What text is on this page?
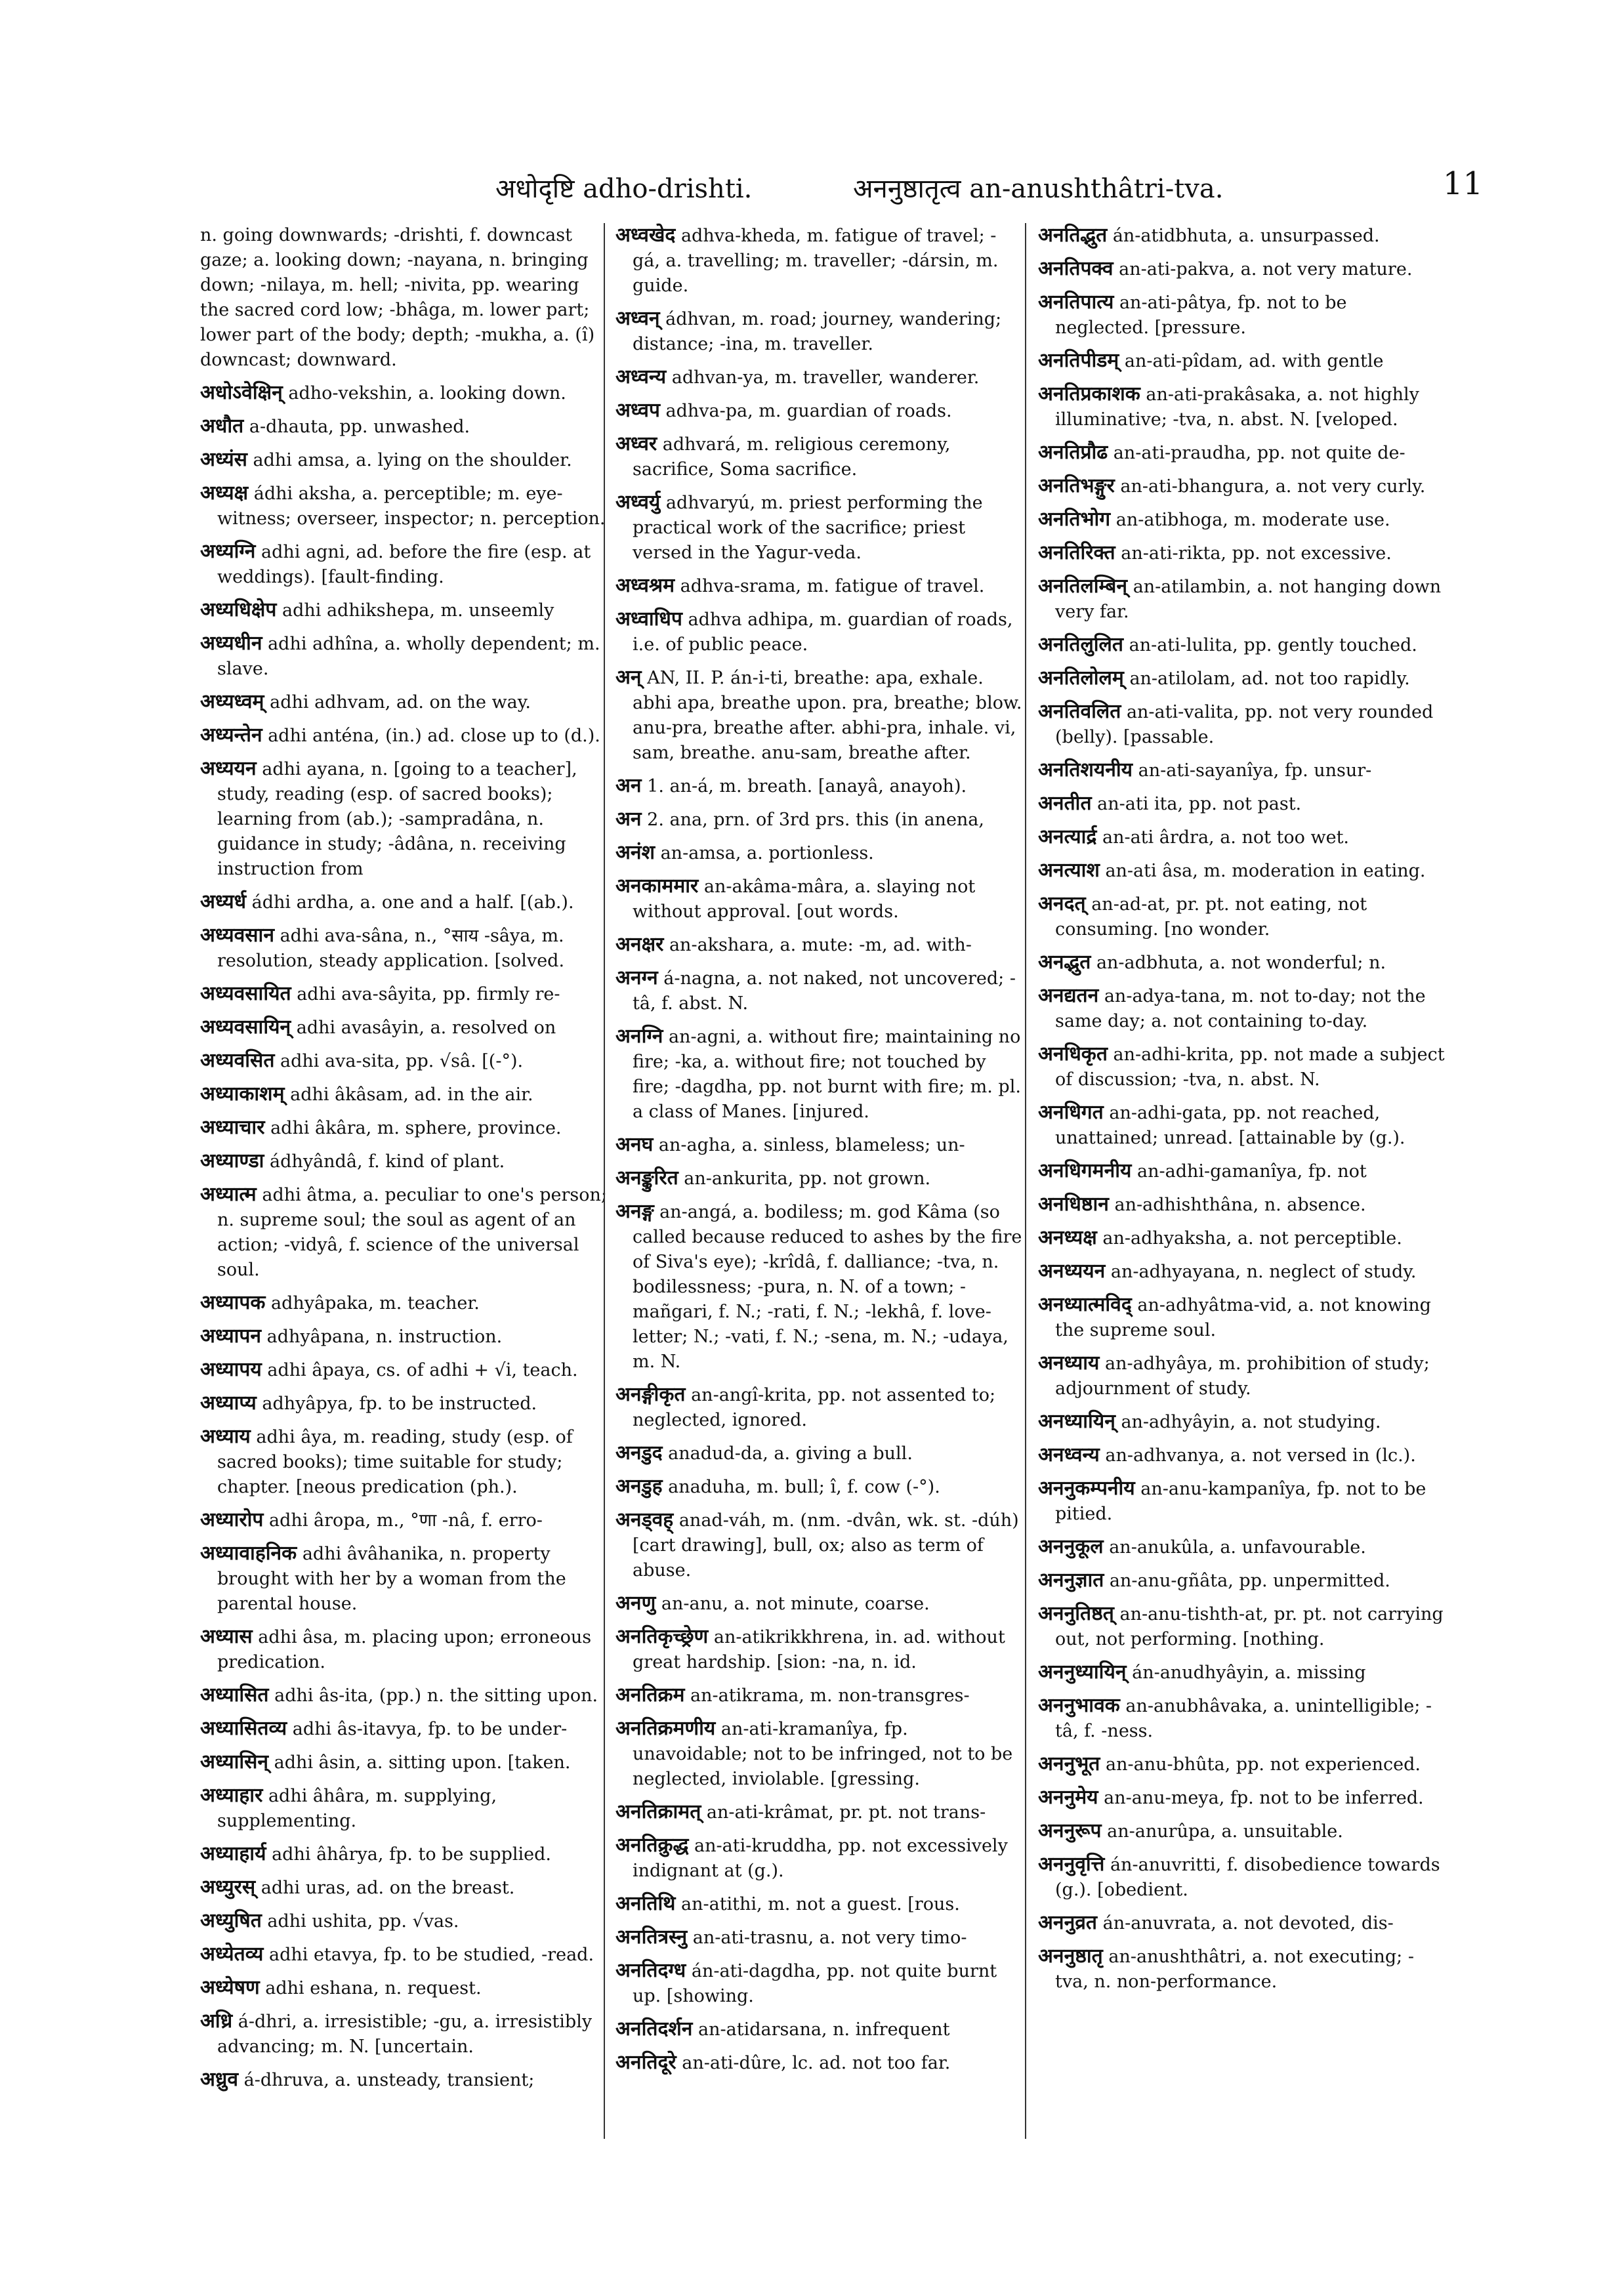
अधोदृष्टि adho-drishti.	अननुष्ठातृत्व an-anushthâtri-tva.	11

n. going downwards; -drishti, f. downcast gaze; a. looking down; -nayana, n. bringing down; -nilaya, m. hell; -nivita, pp. wearing the sacred cord low; -bhâga, m. lower part; lower part of the body; depth; -mukha, a. (î) downcast; downward.

अधोऽवेक्षिन् adho-vekshin, a. looking down.

अधौत a-dhauta, pp. unwashed.

अध्यंस adhi amsa, a. lying on the shoulder.

अध्यक्ष ádhi aksha, a. perceptible; m. eye-witness; overseer, inspector; n. perception.

अध्यग्नि adhi agni, ad. before the fire (esp. at weddings). [fault-finding.

अध्यधिक्षेप adhi adhikshepa, m. unseemly

अध्यधीन adhi adhîna, a. wholly dependent; m. slave.

अध्यध्वम् adhi adhvam, ad. on the way.

अध्यन्तेन adhi anténa, (in.) ad. close up to (d.).

अध्ययन adhi ayana, n. [going to a teacher], study, reading (esp. of sacred books); learning from (ab.); -sampradâna, n. guidance in study; -âdâna, n. receiving instruction from

अध्यर्ध ádhi ardha, a. one and a half. [(ab.).

अध्यवसान adhi ava-sâna, n., °साय -sâya, m. resolution, steady application. [solved.

अध्यवसायित adhi ava-sâyita, pp. firmly re-

अध्यवसायिन् adhi avasâyin, a. resolved on

अध्यवसित adhi ava-sita, pp. √sâ. [(-°).

अध्याकाशम् adhi âkâsam, ad. in the air.

अध्याचार adhi âkâra, m. sphere, province.

अध्याण्डा ádhyândâ, f. kind of plant.

अध्यात्म adhi âtma, a. peculiar to one's person; n. supreme soul; the soul as agent of an action; -vidyâ, f. science of the universal soul.

अध्यापक adhyâpaka, m. teacher.

अध्यापन adhyâpana, n. instruction.

अध्यापय adhi âpaya, cs. of adhi + √i, teach.

अध्याप्य adhyâpya, fp. to be instructed.

अध्याय adhi âya, m. reading, study (esp. of sacred books); time suitable for study; chapter. [neous predication (ph.).

अध्यारोप adhi âropa, m., °णा -nâ, f. erro-

अध्यावाहनिक adhi âvâhanika, n. property brought with her by a woman from the parental house.

अध्यास adhi âsa, m. placing upon; erroneous predication.

अध्यासित adhi âs-ita, (pp.) n. the sitting upon.

अध्यासितव्य adhi âs-itavya, fp. to be under-

अध्यासिन् adhi âsin, a. sitting upon. [taken.

अध्याहार adhi âhâra, m. supplying, supplementing.

अध्याहार्य adhi âhârya, fp. to be supplied.

अध्युरस् adhi uras, ad. on the breast.

अध्युषित adhi ushita, pp. √vas.

अध्येतव्य adhi etavya, fp. to be studied, -read.

अध्येषण adhi eshana, n. request.

अध्रि á-dhri, a. irresistible; -gu, a. irresistibly advancing; m. N. [uncertain.

अध्रुव á-dhruva, a. unsteady, transient;

अध्वखेद adhva-kheda, m. fatigue of travel; -gá, a. travelling; m. traveller; -dársin, m. guide.

अध्वन् ádhvan, m. road; journey, wandering; distance; -ina, m. traveller.

अध्वन्य adhvan-ya, m. traveller, wanderer.

अध्वप adhva-pa, m. guardian of roads.

अध्वर adhvará, m. religious ceremony, sacrifice, Soma sacrifice.

अध्वर्यु adhvaryú, m. priest performing the practical work of the sacrifice; priest versed in the Yagur-veda.

अध्वश्रम adhva-srama, m. fatigue of travel.

अध्वाधिप adhva adhipa, m. guardian of roads, i.e. of public peace.

अन् AN, II. P. án-i-ti, breathe: apa, exhale. abhi apa, breathe upon. pra, breathe; blow. anu-pra, breathe after. abhi-pra, inhale. vi, sam, breathe. anu-sam, breathe after.

अन 1. an-á, m. breath. [anayâ, anayoh).

अन 2. ana, prn. of 3rd prs. this (in anena,

अनंश an-amsa, a. portionless.

अनकाममार an-akâma-mâra, a. slaying not without approval. [out words.

अनक्षर an-akshara, a. mute: -m, ad. with-

अनग्न á-nagna, a. not naked, not uncovered; -tâ, f. abst. N.

अनग्नि an-agni, a. without fire; maintaining no fire; -ka, a. without fire; not touched by fire; -dagdha, pp. not burnt with fire; m. pl. a class of Manes. [injured.

अनघ an-agha, a. sinless, blameless; un-

अनङ्कुरित an-ankurita, pp. not grown.

अनङ्ग an-angá, a. bodiless; m. god Kâma (so called because reduced to ashes by the fire of Siva's eye); -krîdâ, f. dalliance; -tva, n. bodilessness; -pura, n. N. of a town; -mañgari, f. N.; -rati, f. N.; -lekhâ, f. love-letter; N.; -vati, f. N.; -sena, m. N.; -udaya, m. N.

अनङ्गीकृत an-angî-krita, pp. not assented to; neglected, ignored.

अनडुद anadud-da, a. giving a bull.

अनडुह anaduha, m. bull; î, f. cow (-°).

अनड्वह् anad-váh, m. (nm. -dvân, wk. st. -dúh) [cart drawing], bull, ox; also as term of abuse.

अनणु an-anu, a. not minute, coarse.

अनतिकृच्छ्रेण an-atikrikkhrena, in. ad. without great hardship. [sion: -na, n. id.

अनतिक्रम an-atikrama, m. non-transgres-

अनतिक्रमणीय an-ati-kramanîya, fp. unavoidable; not to be infringed, not to be neglected, inviolable. [gressing.

अनतिक्रामत् an-ati-krâmat, pr. pt. not trans-

अनतिक्रुद्ध an-ati-kruddha, pp. not excessively indignant at (g.).

अनतिथि an-atithi, m. not a guest. [rous.

अनतित्रस्नु an-ati-trasnu, a. not very timo-

अनतिदग्ध án-ati-dagdha, pp. not quite burnt up. [showing.

अनतिदर्शन an-atidarsana, n. infrequent

अनतिदूरे an-ati-dûre, lc. ad. not too far.

अनतिद्भुत án-atidbhuta, a. unsurpassed.

अनतिपक्व an-ati-pakva, a. not very mature.

अनतिपात्य an-ati-pâtya, fp. not to be neglected. [pressure.

अनतिपीडम् an-ati-pîdam, ad. with gentle

अनतिप्रकाशक an-ati-prakâsaka, a. not highly illuminative; -tva, n. abst. N. [veloped.

अनतिप्रौढ an-ati-praudha, pp. not quite de-

अनतिभङ्गुर an-ati-bhangura, a. not very curly.

अनतिभोग an-atibhoga, m. moderate use.

अनतिरिक्त an-ati-rikta, pp. not excessive.

अनतिलम्बिन् an-atilambin, a. not hanging down very far.

अनतिलुलित an-ati-lulita, pp. gently touched.

अनतिलोलम् an-atilolam, ad. not too rapidly.

अनतिवलित an-ati-valita, pp. not very rounded (belly). [passable.

अनतिशयनीय an-ati-sayanîya, fp. unsur-

अनतीत an-ati ita, pp. not past.

अनत्यार्द्र an-ati ârdra, a. not too wet.

अनत्याश an-ati âsa, m. moderation in eating.

अनदत् an-ad-at, pr. pt. not eating, not consuming. [no wonder.

अनद्भुत an-adbhuta, a. not wonderful; n.

अनद्यतन an-adya-tana, m. not to-day; not the same day; a. not containing to-day.

अनधिकृत an-adhi-krita, pp. not made a subject of discussion; -tva, n. abst. N.

अनधिगत an-adhi-gata, pp. not reached, unattained; unread. [attainable by (g.).

अनधिगमनीय an-adhi-gamanîya, fp. not

अनधिष्ठान an-adhishthâna, n. absence.

अनध्यक्ष an-adhyaksha, a. not perceptible.

अनध्ययन an-adhyayana, n. neglect of study.

अनध्यात्मविद् an-adhyâtma-vid, a. not knowing the supreme soul.

अनध्याय an-adhyâya, m. prohibition of study; adjournment of study.

अनध्यायिन् an-adhyâyin, a. not studying.

अनध्वन्य an-adhvanya, a. not versed in (lc.).

अननुकम्पनीय an-anu-kampanîya, fp. not to be pitied.

अननुकूल an-anukûla, a. unfavourable.

अननुज्ञात an-anu-gñâta, pp. unpermitted.

अननुतिष्ठत् an-anu-tishth-at, pr. pt. not carrying out, not performing. [nothing.

अननुध्यायिन् án-anudhyâyin, a. missing

अननुभावक an-anubhâvaka, a. unintelligible; -tâ, f. -ness.

अननुभूत an-anu-bhûta, pp. not experienced.

अननुमेय an-anu-meya, fp. not to be inferred.

अननुरूप an-anurûpa, a. unsuitable.

अननुवृत्ति án-anuvritti, f. disobedience towards (g.). [obedient.

अननुव्रत án-anuvrata, a. not devoted, dis-

अननुष्ठातृ an-anushthâtri, a. not executing; -tva, n. non-performance.
